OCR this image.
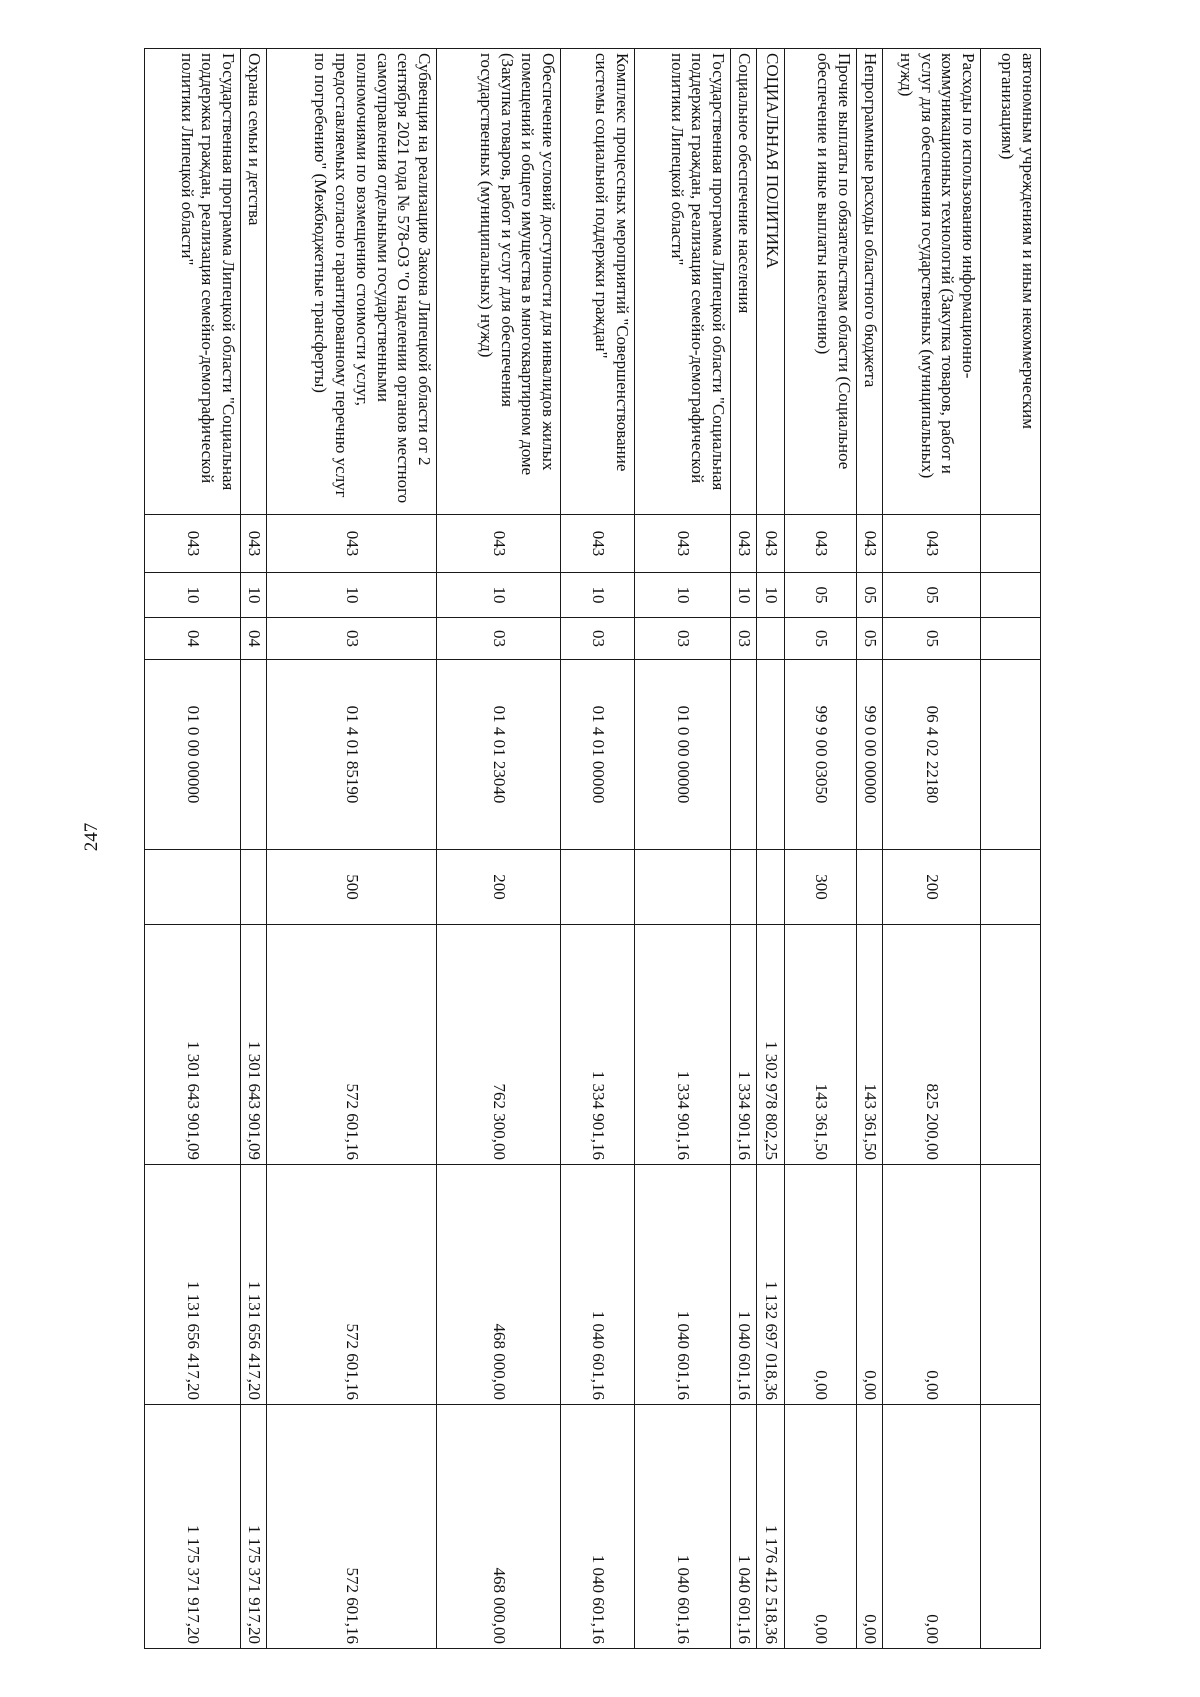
247
автономным учреждениям и иным некоммерческим организациям)								
Расходы по использованию информационно-коммуникационных технологий (Закупка товаров, работ и услуг для обеспечения государственных (муниципальных) нужд)	043	05	05	06 4 02 22180	200	825 200,00	0,00	0,00
Непрограммные расходы областного бюджета	043	05	05	99 0 00 00000		143 361,50	0,00	0,00
Прочие выплаты по обязательствам области (Социальное обеспечение и иные выплаты населению)	043	05	05	99 9 00 03050	300	143 361,50	0,00	0,00
СОЦИАЛЬНАЯ ПОЛИТИКА	043	10				1 302 978 802,25	1 132 697 018,36	1 176 412 518,36
Социальное обеспечение населения	043	10	03			1 334 901,16	1 040 601,16	1 040 601,16
Государственная программа Липецкой области "Социальная поддержка граждан, реализация семейно-демографической политики Липецкой области"	043	10	03	01 0 00 00000		1 334 901,16	1 040 601,16	1 040 601,16
Комплекс процессных мероприятий "Совершенствование системы социальной поддержки граждан"	043	10	03	01 4 01 00000		1 334 901,16	1 040 601,16	1 040 601,16
Обеспечение условий доступности для инвалидов жилых помещений и общего имущества в многоквартирном доме (Закупка товаров, работ и услуг для обеспечения государственных (муниципальных) нужд)	043	10	03	01 4 01 23040	200	762 300,00	468 000,00	468 000,00
Субвенция на реализацию Закона Липецкой области от 2 сентября 2021 года № 578-ОЗ "О наделении органов местного самоуправления отдельными государственными полномочиями по возмещению стоимости услуг, предоставляемых согласно гарантированному перечню услуг по погребению" (Межбюджетные трансферты)	043	10	03	01 4 01 85190	500	572 601,16	572 601,16	572 601,16
Охрана семьи и детства	043	10	04			1 301 643 901,09	1 131 656 417,20	1 175 371 917,20
Государственная программа Липецкой области "Социальная поддержка граждан, реализация семейно-демографической политики Липецкой области"	043	10	04	01 0 00 00000		1 301 643 901,09	1 131 656 417,20	1 175 371 917,20
